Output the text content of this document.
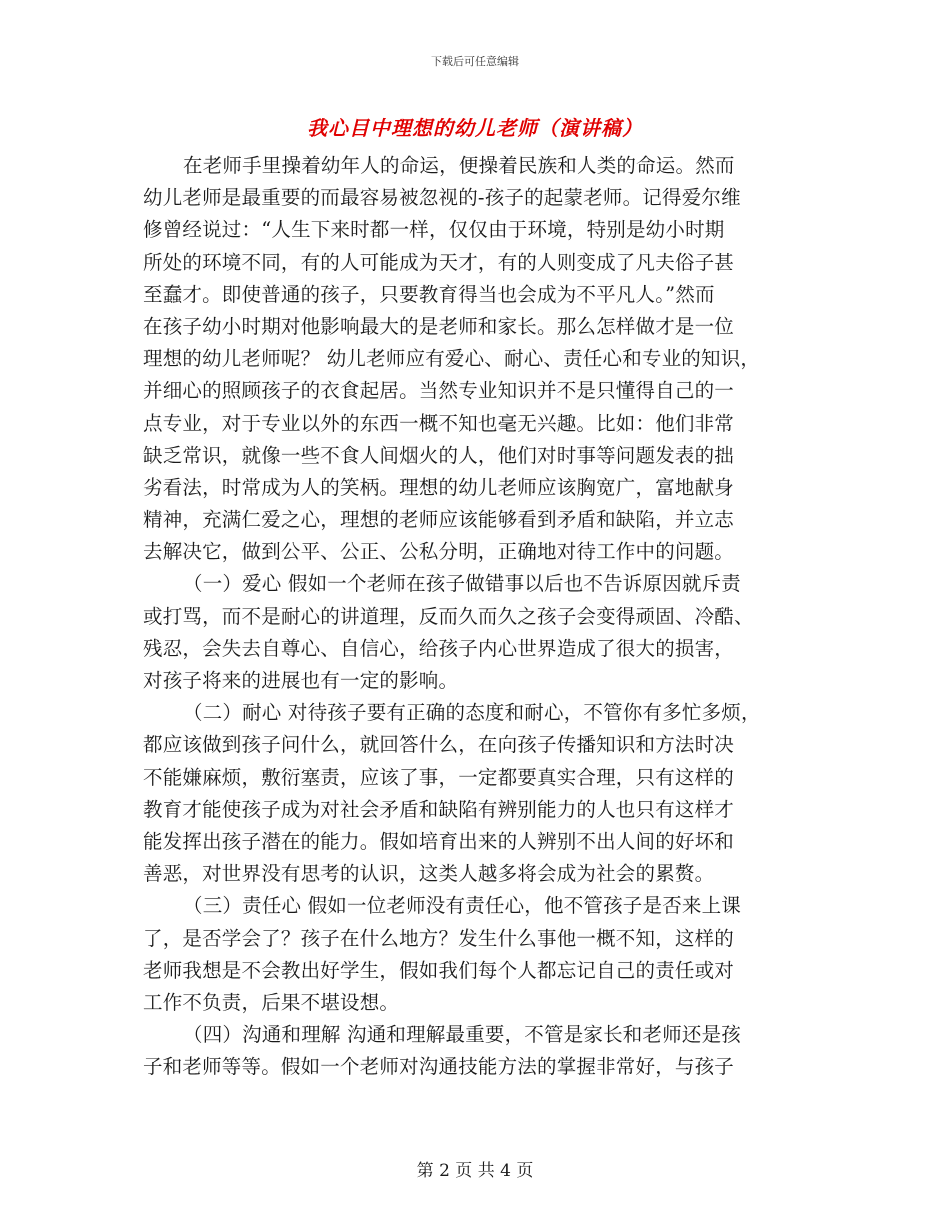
下载后可任意编辑
我心目中理想的幼儿老师（演讲稿）
在老师手里操着幼年人的命运，便操着民族和人类的命运。然而
幼儿老师是最重要的而最容易被忽视的-孩子的起蒙老师。记得爱尔维
修曾经说过：“人生下来时都一样，仅仅由于环境，特别是幼小时期
所处的环境不同，有的人可能成为天才，有的人则变成了凡夫俗子甚
至蠢才。即使普通的孩子，只要教育得当也会成为不平凡人。”然而
在孩子幼小时期对他影响最大的是老师和家长。那么怎样做才是一位
理想的幼儿老师呢？ 幼儿老师应有爱心、耐心、责任心和专业的知识，
并细心的照顾孩子的衣食起居。当然专业知识并不是只懂得自己的一
点专业，对于专业以外的东西一概不知也毫无兴趣。比如：他们非常
缺乏常识，就像一些不食人间烟火的人，他们对时事等问题发表的拙
劣看法，时常成为人的笑柄。理想的幼儿老师应该胸宽广，富地献身
精神，充满仁爱之心，理想的老师应该能够看到矛盾和缺陷，并立志
去解决它，做到公平、公正、公私分明，正确地对待工作中的问题。
（一）爱心 假如一个老师在孩子做错事以后也不告诉原因就斥责
或打骂，而不是耐心的讲道理，反而久而久之孩子会变得顽固、冷酷、
残忍，会失去自尊心、自信心，给孩子内心世界造成了很大的损害，
对孩子将来的进展也有一定的影响。
（二）耐心 对待孩子要有正确的态度和耐心，不管你有多忙多烦，
都应该做到孩子问什么，就回答什么，在向孩子传播知识和方法时决
不能嫌麻烦，敷衍塞责，应该了事，一定都要真实合理，只有这样的
教育才能使孩子成为对社会矛盾和缺陷有辨别能力的人也只有这样才
能发挥出孩子潜在的能力。假如培育出来的人辨别不出人间的好坏和
善恶，对世界没有思考的认识，这类人越多将会成为社会的累赘。
（三）责任心 假如一位老师没有责任心，他不管孩子是否来上课
了，是否学会了？孩子在什么地方？发生什么事他一概不知，这样的
老师我想是不会教出好学生，假如我们每个人都忘记自己的责任或对
工作不负责，后果不堪设想。
（四）沟通和理解 沟通和理解最重要，不管是家长和老师还是孩
子和老师等等。假如一个老师对沟通技能方法的掌握非常好，与孩子
第 2 页 共 4 页
